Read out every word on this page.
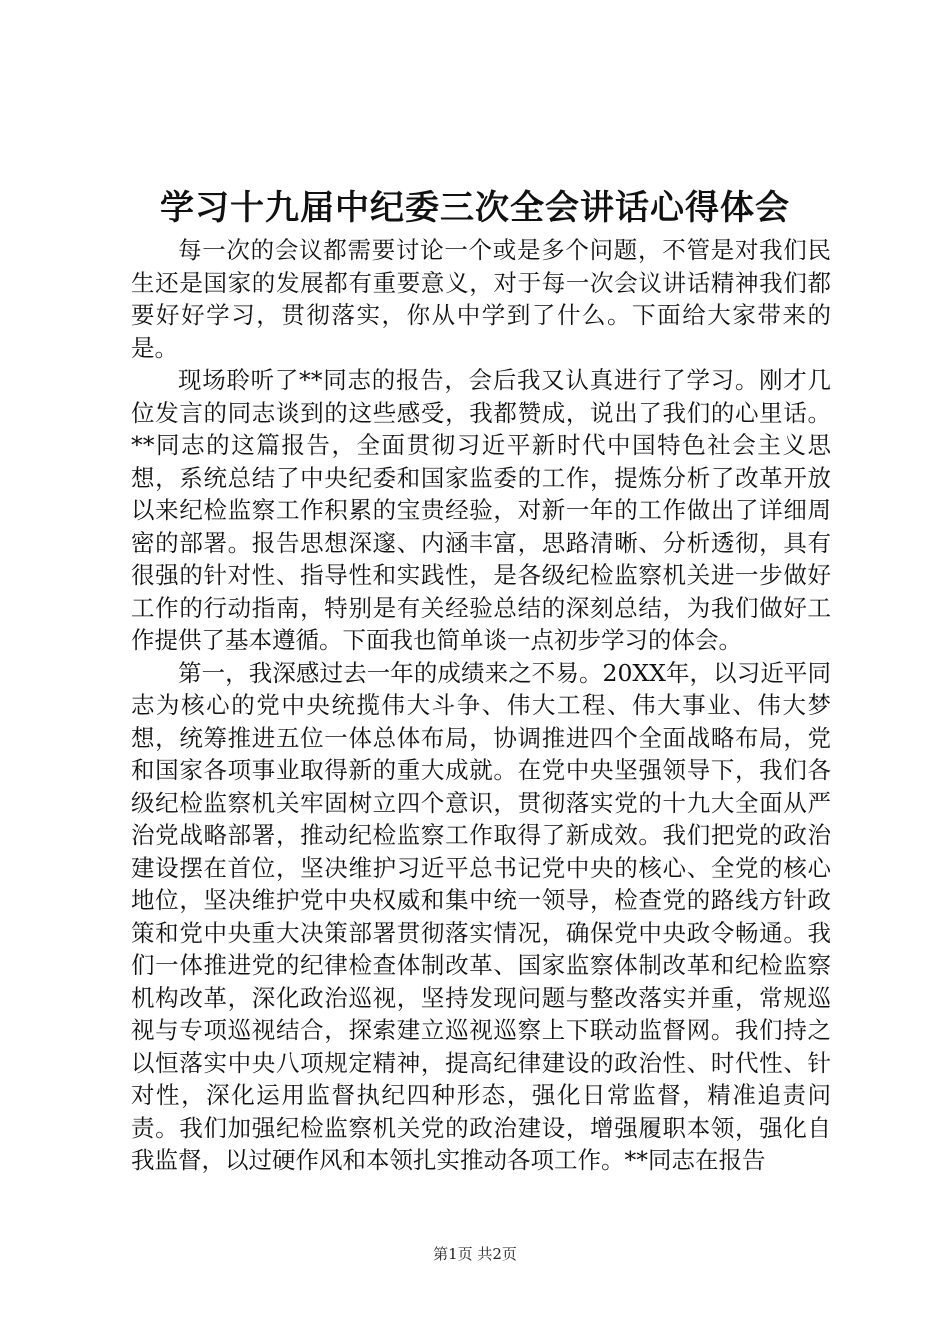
学习十九届中纪委三次全会讲话心得体会

每一次的会议都需要讨论一个或是多个问题，不管是对我们民生还是国家的发展都有重要意义，对于每一次会议讲话精神我们都要好好学习，贯彻落实，你从中学到了什么。下面给大家带来的是。

现场聆听了**同志的报告，会后我又认真进行了学习。刚才几位发言的同志谈到的这些感受，我都赞成，说出了我们的心里话。**同志的这篇报告，全面贯彻习近平新时代中国特色社会主义思想，系统总结了中央纪委和国家监委的工作，提炼分析了改革开放以来纪检监察工作积累的宝贵经验，对新一年的工作做出了详细周密的部署。报告思想深邃、内涵丰富，思路清晰、分析透彻，具有很强的针对性、指导性和实践性，是各级纪检监察机关进一步做好工作的行动指南，特别是有关经验总结的深刻总结，为我们做好工作提供了基本遵循。下面我也简单谈一点初步学习的体会。

第一，我深感过去一年的成绩来之不易。20XX年，以习近平同志为核心的党中央统揽伟大斗争、伟大工程、伟大事业、伟大梦想，统筹推进五位一体总体布局，协调推进四个全面战略布局，党和国家各项事业取得新的重大成就。在党中央坚强领导下，我们各级纪检监察机关牢固树立四个意识，贯彻落实党的十九大全面从严治党战略部署，推动纪检监察工作取得了新成效。我们把党的政治建设摆在首位，坚决维护习近平总书记党中央的核心、全党的核心地位，坚决维护党中央权威和集中统一领导，检查党的路线方针政策和党中央重大决策部署贯彻落实情况，确保党中央政令畅通。我们一体推进党的纪律检查体制改革、国家监察体制改革和纪检监察机构改革，深化政治巡视，坚持发现问题与整改落实并重，常规巡视与专项巡视结合，探索建立巡视巡察上下联动监督网。我们持之以恒落实中央八项规定精神，提高纪律建设的政治性、时代性、针对性，深化运用监督执纪四种形态，强化日常监督，精准追责问责。我们加强纪检监察机关党的政治建设，增强履职本领，强化自我监督，以过硬作风和本领扎实推动各项工作。**同志在报告

第1页 共2页
